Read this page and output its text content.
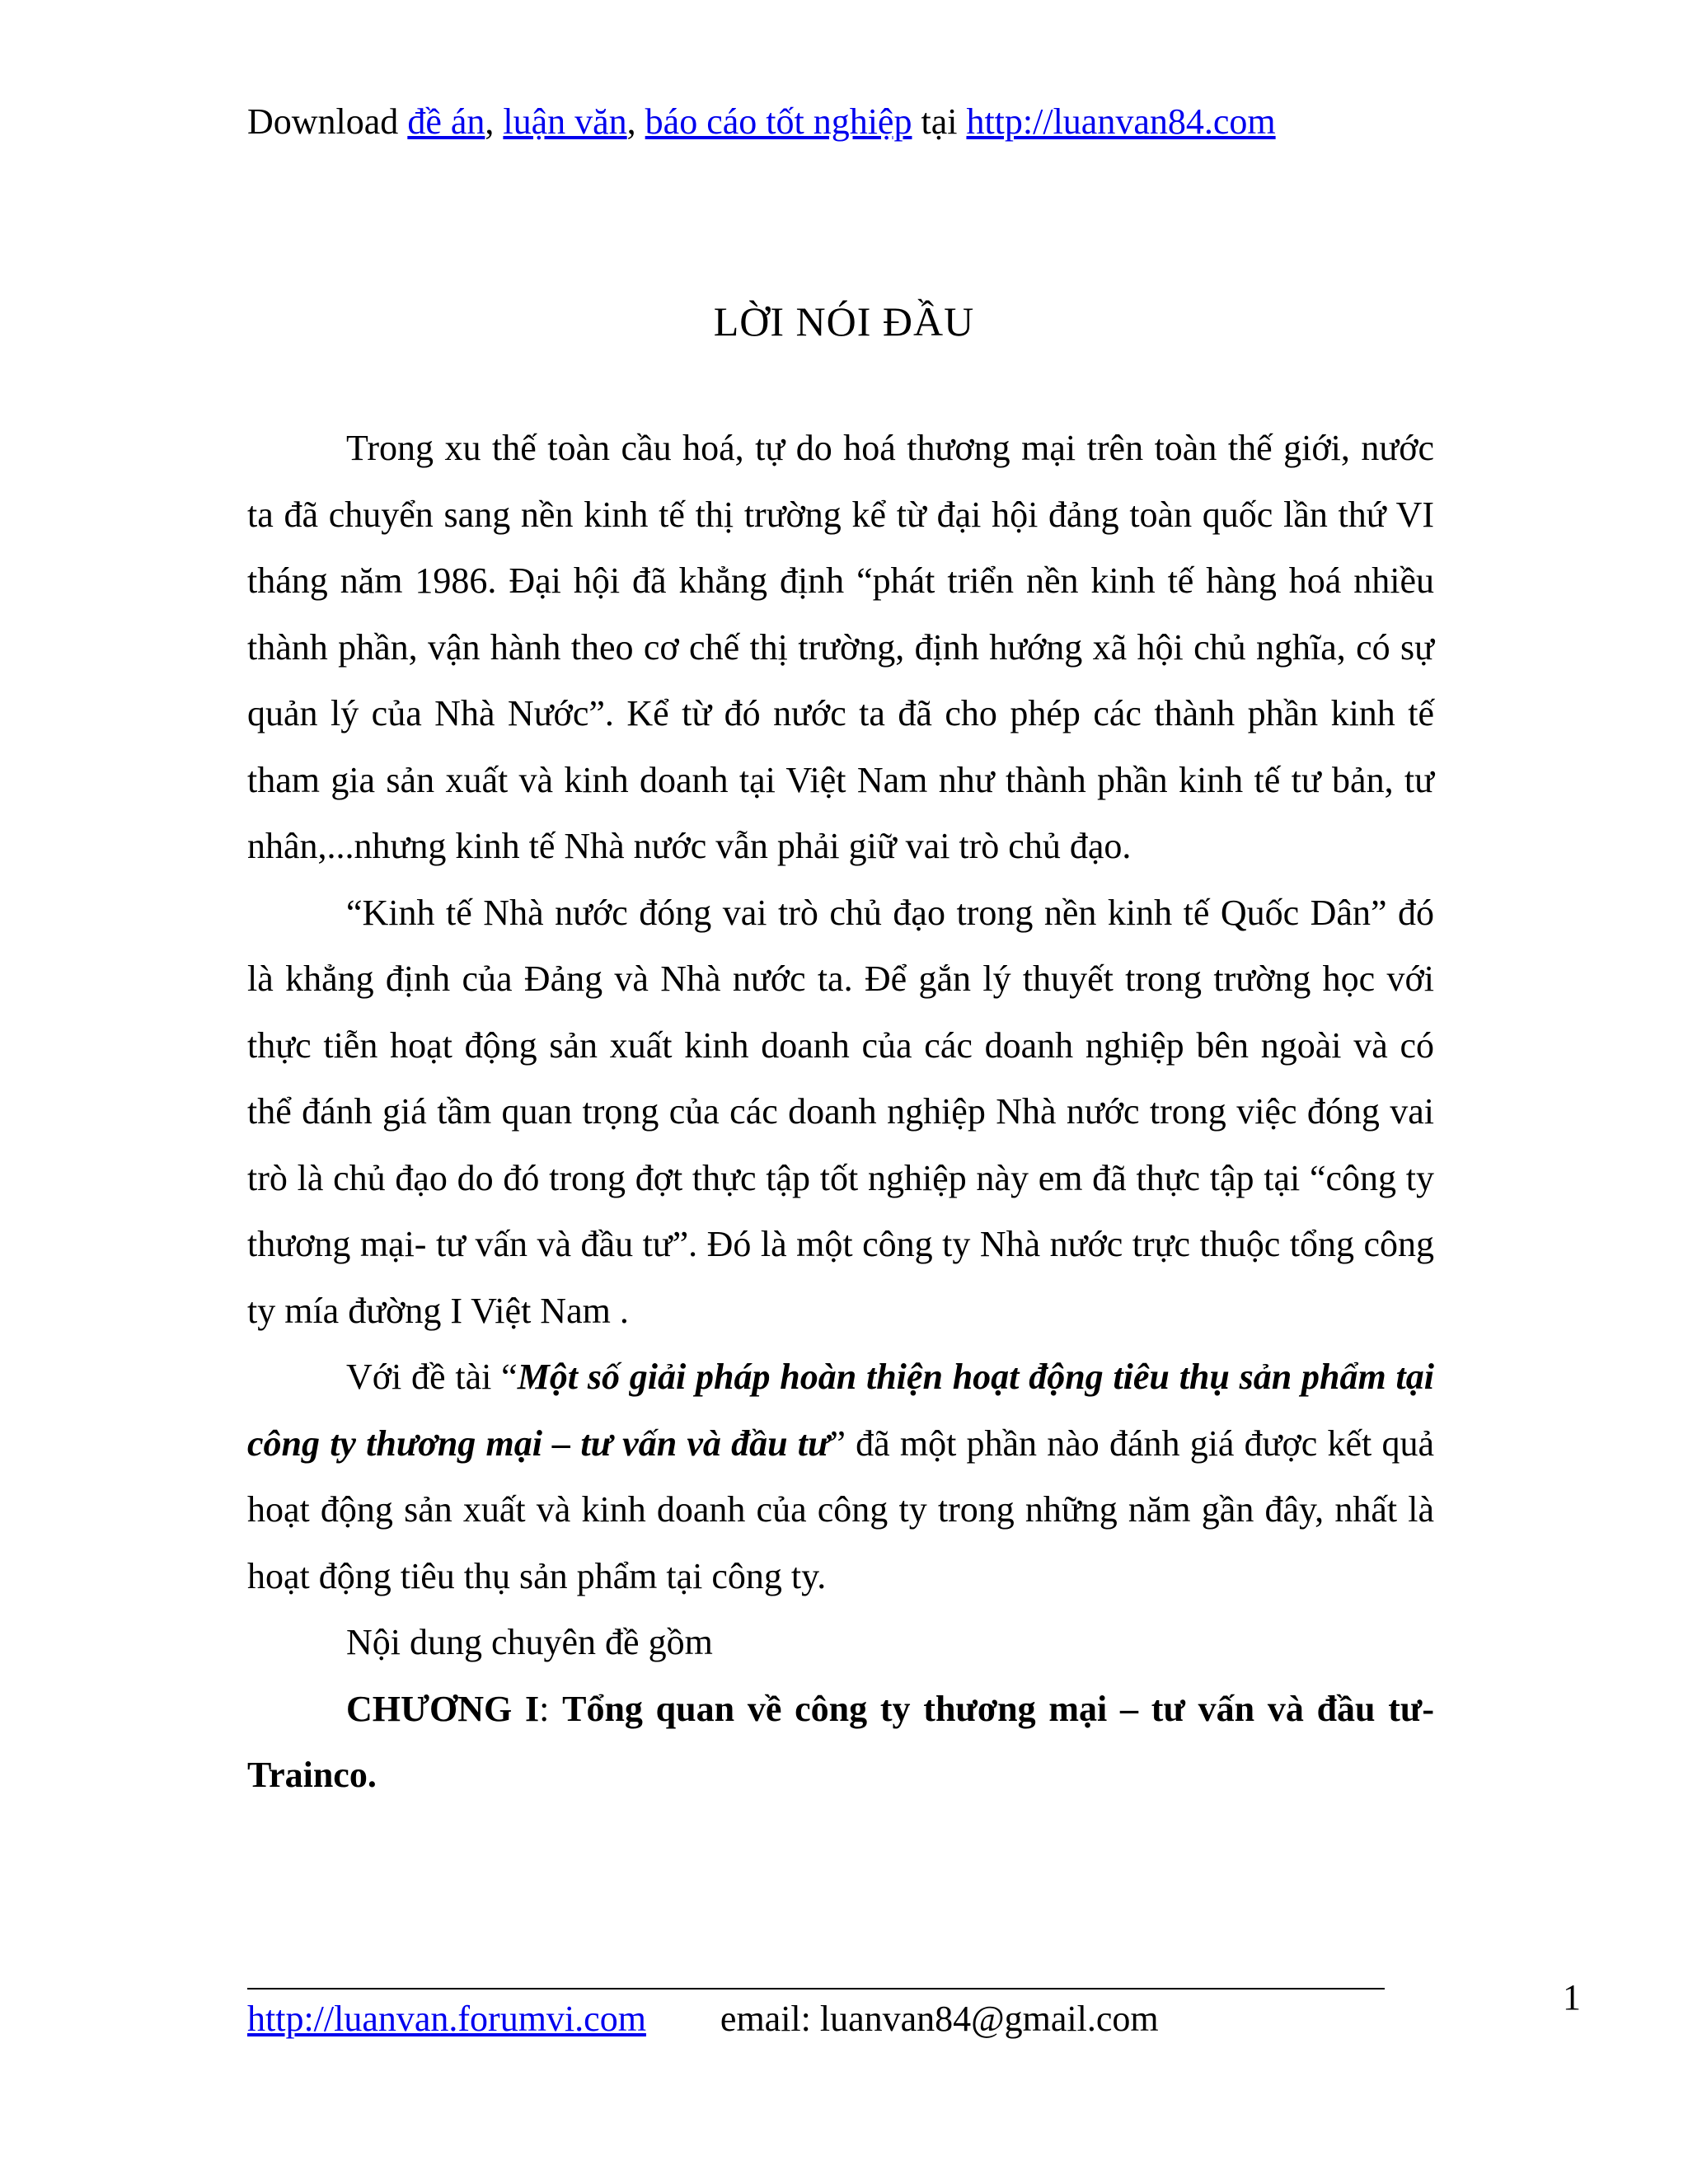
Download đề án, luận văn, báo cáo tốt nghiệp tại http://luanvan84.com
LỜI NÓI ĐẦU

Trong xu thế toàn cầu hoá, tự do hoá thương mại trên toàn thế giới, nước ta đã chuyển sang nền kinh tế thị trường kể từ đại hội đảng toàn quốc lần thứ VI tháng năm 1986. Đại hội đã khẳng định “phát triển nền kinh tế hàng hoá nhiều thành phần, vận hành theo cơ chế thị trường, định hướng xã hội chủ nghĩa, có sự quản lý của Nhà Nước”. Kể từ đó nước ta đã cho phép các thành phần kinh tế tham gia sản xuất và kinh doanh tại Việt Nam như thành phần kinh tế tư bản, tư nhân,...nhưng kinh tế Nhà nước vẫn phải giữ vai trò chủ đạo.

“Kinh tế Nhà nước đóng vai trò chủ đạo trong nền kinh tế Quốc Dân” đó là khẳng định của Đảng và Nhà nước ta. Để gắn lý thuyết trong trường học với thực tiễn hoạt động sản xuất kinh doanh của các doanh nghiệp bên ngoài và có thể đánh giá tầm quan trọng của các doanh nghiệp Nhà nước trong việc đóng vai trò là chủ đạo do đó trong đợt thực tập tốt nghiệp này em đã thực tập tại “công ty thương mại- tư vấn và đầu tư”. Đó là một công ty Nhà nước trực thuộc tổng công ty mía đường I Việt Nam .

Với đề tài “Một số giải pháp hoàn thiện hoạt động tiêu thụ sản phẩm tại công ty thương mại – tư vấn và đầu tư” đã một phần nào đánh giá được kết quả hoạt động sản xuất và kinh doanh của công ty trong những năm gần đây, nhất là hoạt động tiêu thụ sản phẩm tại công ty.

Nội dung chuyên đề gồm

CHƯƠNG I: Tổng quan về công ty thương mại – tư vấn và đầu tư- Trainco.

http://luanvan.forumvi.com email: luanvan84@gmail.com
1
